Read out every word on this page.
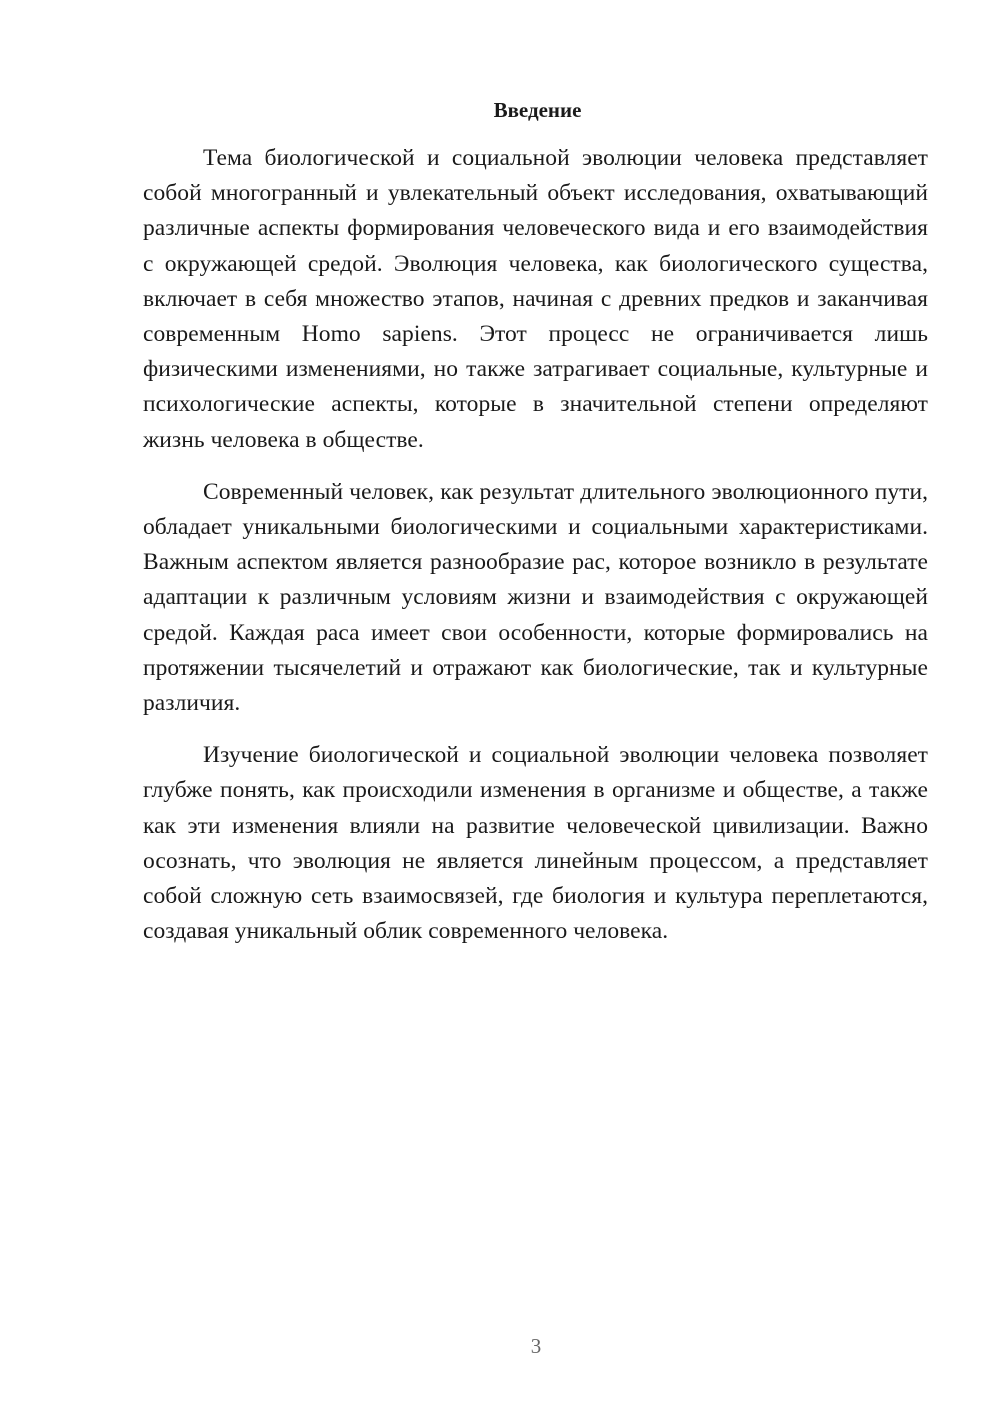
Введение

Тема биологической и социальной эволюции человека представляет собой многогранный и увлекательный объект исследования, охватывающий различные аспекты формирования человеческого вида и его взаимодействия с окружающей средой. Эволюция человека, как биологического существа, включает в себя множество этапов, начиная с древних предков и заканчивая современным Homo sapiens. Этот процесс не ограничивается лишь физическими изменениями, но также затрагивает социальные, культурные и психологические аспекты, которые в значительной степени определяют жизнь человека в обществе.

Современный человек, как результат длительного эволюционного пути, обладает уникальными биологическими и социальными характеристиками. Важным аспектом является разнообразие рас, которое возникло в результате адаптации к различным условиям жизни и взаимодействия с окружающей средой. Каждая раса имеет свои особенности, которые формировались на протяжении тысячелетий и отражают как биологические, так и культурные различия.

Изучение биологической и социальной эволюции человека позволяет глубже понять, как происходили изменения в организме и обществе, а также как эти изменения влияли на развитие человеческой цивилизации. Важно осознать, что эволюция не является линейным процессом, а представляет собой сложную сеть взаимосвязей, где биология и культура переплетаются, создавая уникальный облик современного человека.

3
